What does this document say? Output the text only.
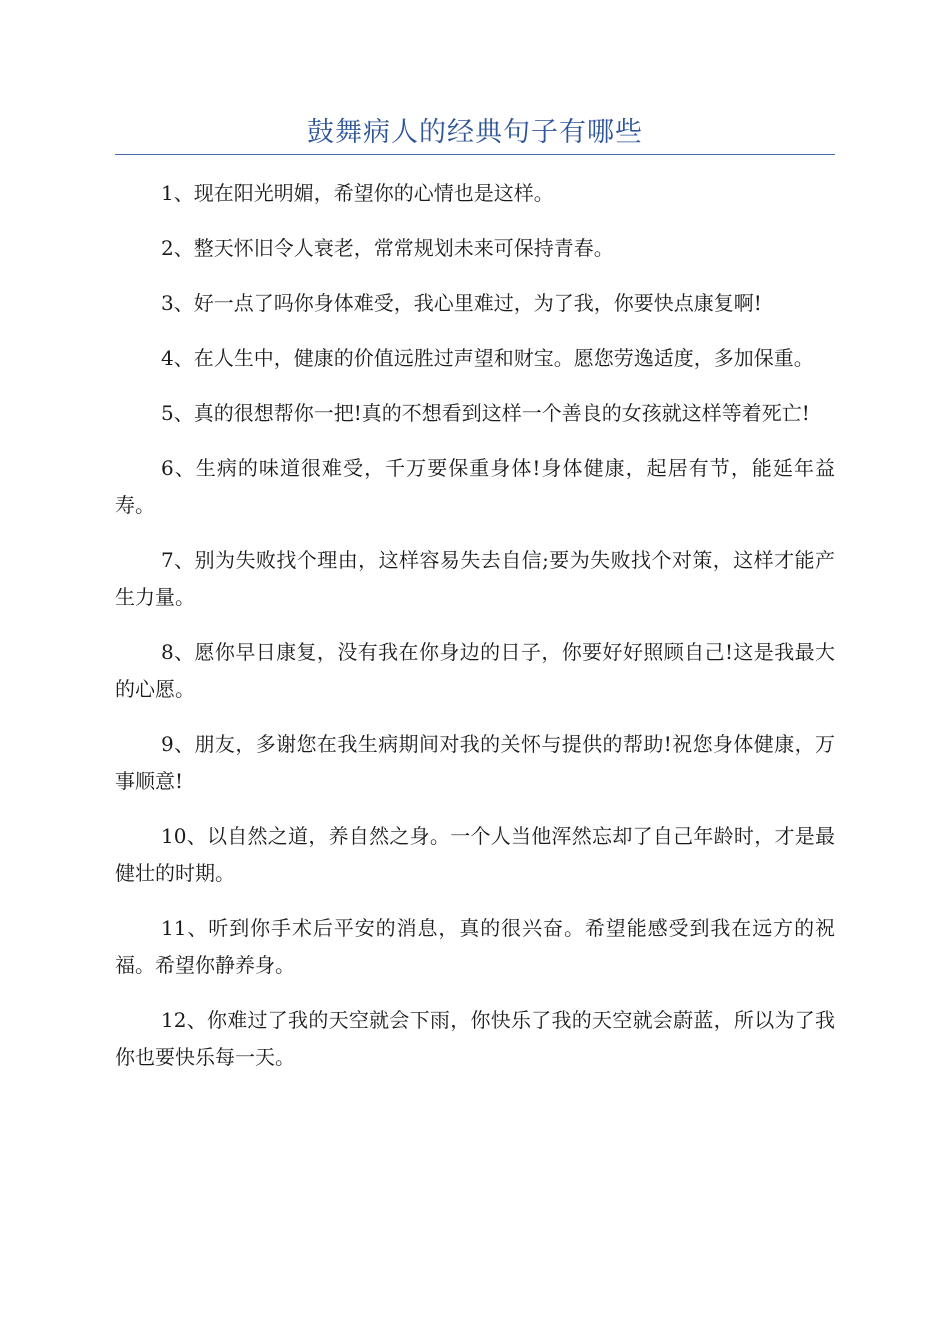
鼓舞病人的经典句子有哪些

1、现在阳光明媚，希望你的心情也是这样。

2、整天怀旧令人衰老，常常规划未来可保持青春。

3、好一点了吗你身体难受，我心里难过，为了我，你要快点康复啊!

4、在人生中，健康的价值远胜过声望和财宝。愿您劳逸适度，多加保重。

5、真的很想帮你一把!真的不想看到这样一个善良的女孩就这样等着死亡!

6、生病的味道很难受，千万要保重身体!身体健康，起居有节，能延年益寿。

7、别为失败找个理由，这样容易失去自信;要为失败找个对策，这样才能产生力量。

8、愿你早日康复，没有我在你身边的日子，你要好好照顾自己!这是我最大的心愿。

9、朋友，多谢您在我生病期间对我的关怀与提供的帮助!祝您身体健康，万事顺意!

10、以自然之道，养自然之身。一个人当他浑然忘却了自己年龄时，才是最健壮的时期。

11、听到你手术后平安的消息，真的很兴奋。希望能感受到我在远方的祝福。希望你静养身。

12、你难过了我的天空就会下雨，你快乐了我的天空就会蔚蓝，所以为了我你也要快乐每一天。
